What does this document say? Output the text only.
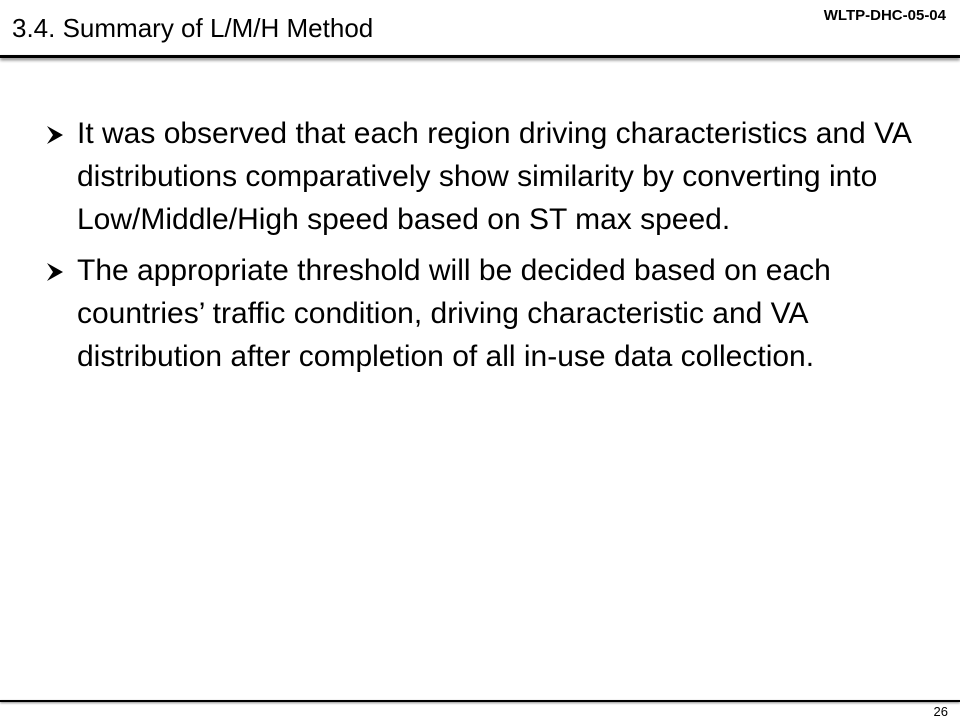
3.4. Summary of L/M/H Method	WLTP-DHC-05-04
It was observed that each region driving characteristics and VA distributions comparatively show similarity by converting into Low/Middle/High speed based on ST max speed.
The appropriate threshold will be decided based on each countries’ traffic condition, driving characteristic and VA distribution after completion of all in-use data collection.
26
